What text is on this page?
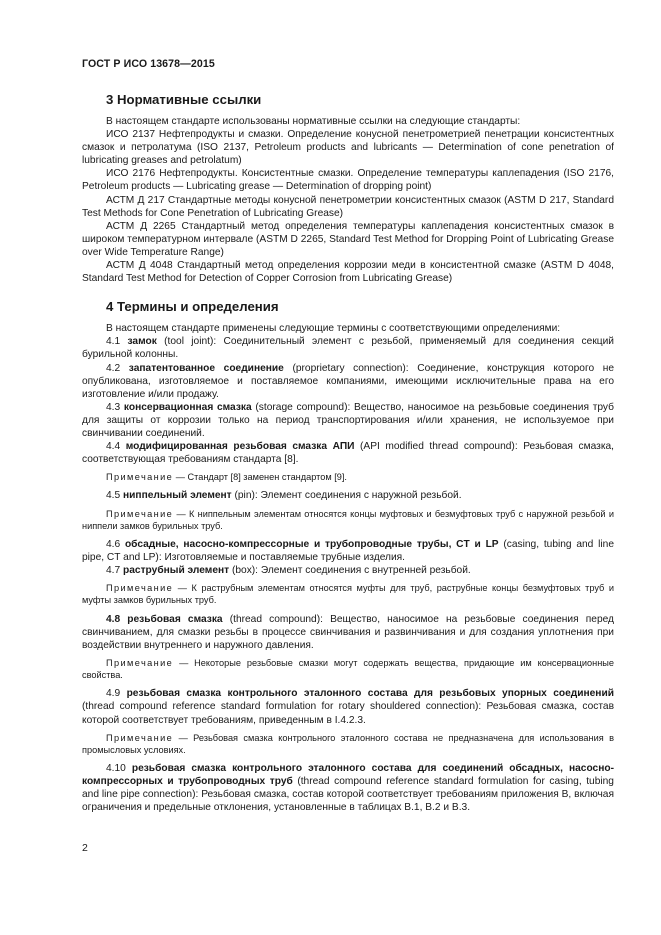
ГОСТ Р ИСО 13678—2015
3 Нормативные ссылки

В настоящем стандарте использованы нормативные ссылки на следующие стандарты:

ИСО 2137 Нефтепродукты и смазки. Определение конусной пенетрометрией пенетрации консистентных смазок и петролатума (ISO 2137, Petroleum products and lubricants — Determination of cone penetration of lubricating greases and petrolatum)

ИСО 2176 Нефтепродукты. Консистентные смазки. Определение температуры каплепадения (ISO 2176, Petroleum products — Lubricating grease — Determination of dropping point)

АСТМ Д 217 Стандартные методы конусной пенетрометрии консистентных смазок (ASTM D 217, Standard Test Methods for Cone Penetration of Lubricating Grease)

АСТМ Д 2265 Стандартный метод определения температуры каплепадения консистентных смазок в широком температурном интервале (ASTM D 2265, Standard Test Method for Dropping Point of Lubricating Grease over Wide Temperature Range)

АСТМ Д 4048 Стандартный метод определения коррозии меди в консистентной смазке (ASTM D 4048, Standard Test Method for Detection of Copper Corrosion from Lubricating Grease)

4 Термины и определения

В настоящем стандарте применены следующие термины с соответствующими определениями:

4.1 замок (tool joint): Соединительный элемент с резьбой, применяемый для соединения секций бурильной колонны.

4.2 запатентованное соединение (proprietary connection): Соединение, конструкция которого не опубликована, изготовляемое и поставляемое компаниями, имеющими исключительные права на его изготовление и/или продажу.

4.3 консервационная смазка (storage compound): Вещество, наносимое на резьбовые соединения труб для защиты от коррозии только на период транспортирования и/или хранения, не используемое при свинчивании соединений.

4.4 модифицированная резьбовая смазка АПИ (API modified thread compound): Резьбовая смазка, соответствующая требованиям стандарта [8].

Примечание — Стандарт [8] заменен стандартом [9].

4.5 ниппельный элемент (pin): Элемент соединения с наружной резьбой.

Примечание — К ниппельным элементам относятся концы муфтовых и безмуфтовых труб с наружной резьбой и ниппели замков бурильных труб.

4.6 обсадные, насосно-компрессорные и трубопроводные трубы, CT и LP (casing, tubing and line pipe, CT and LP): Изготовляемые и поставляемые трубные изделия.

4.7 раструбный элемент (box): Элемент соединения с внутренней резьбой.

Примечание — К раструбным элементам относятся муфты для труб, раструбные концы безмуфтовых труб и муфты замков бурильных труб.

4.8 резьбовая смазка (thread compound): Вещество, наносимое на резьбовые соединения перед свинчиванием, для смазки резьбы в процессе свинчивания и развинчивания и для создания уплотнения при воздействии внутреннего и наружного давления.

Примечание — Некоторые резьбовые смазки могут содержать вещества, придающие им консервационные свойства.

4.9 резьбовая смазка контрольного эталонного состава для резьбовых упорных соединений (thread compound reference standard formulation for rotary shouldered connection): Резьбовая смазка, состав которой соответствует требованиям, приведенным в I.4.2.3.

Примечание — Резьбовая смазка контрольного эталонного состава не предназначена для использования в промысловых условиях.

4.10 резьбовая смазка контрольного эталонного состава для соединений обсадных, насосно-компрессорных и трубопроводных труб (thread compound reference standard formulation for casing, tubing and line pipe connection): Резьбовая смазка, состав которой соответствует требованиям приложения B, включая ограничения и предельные отклонения, установленные в таблицах B.1, B.2 и B.3.

2
